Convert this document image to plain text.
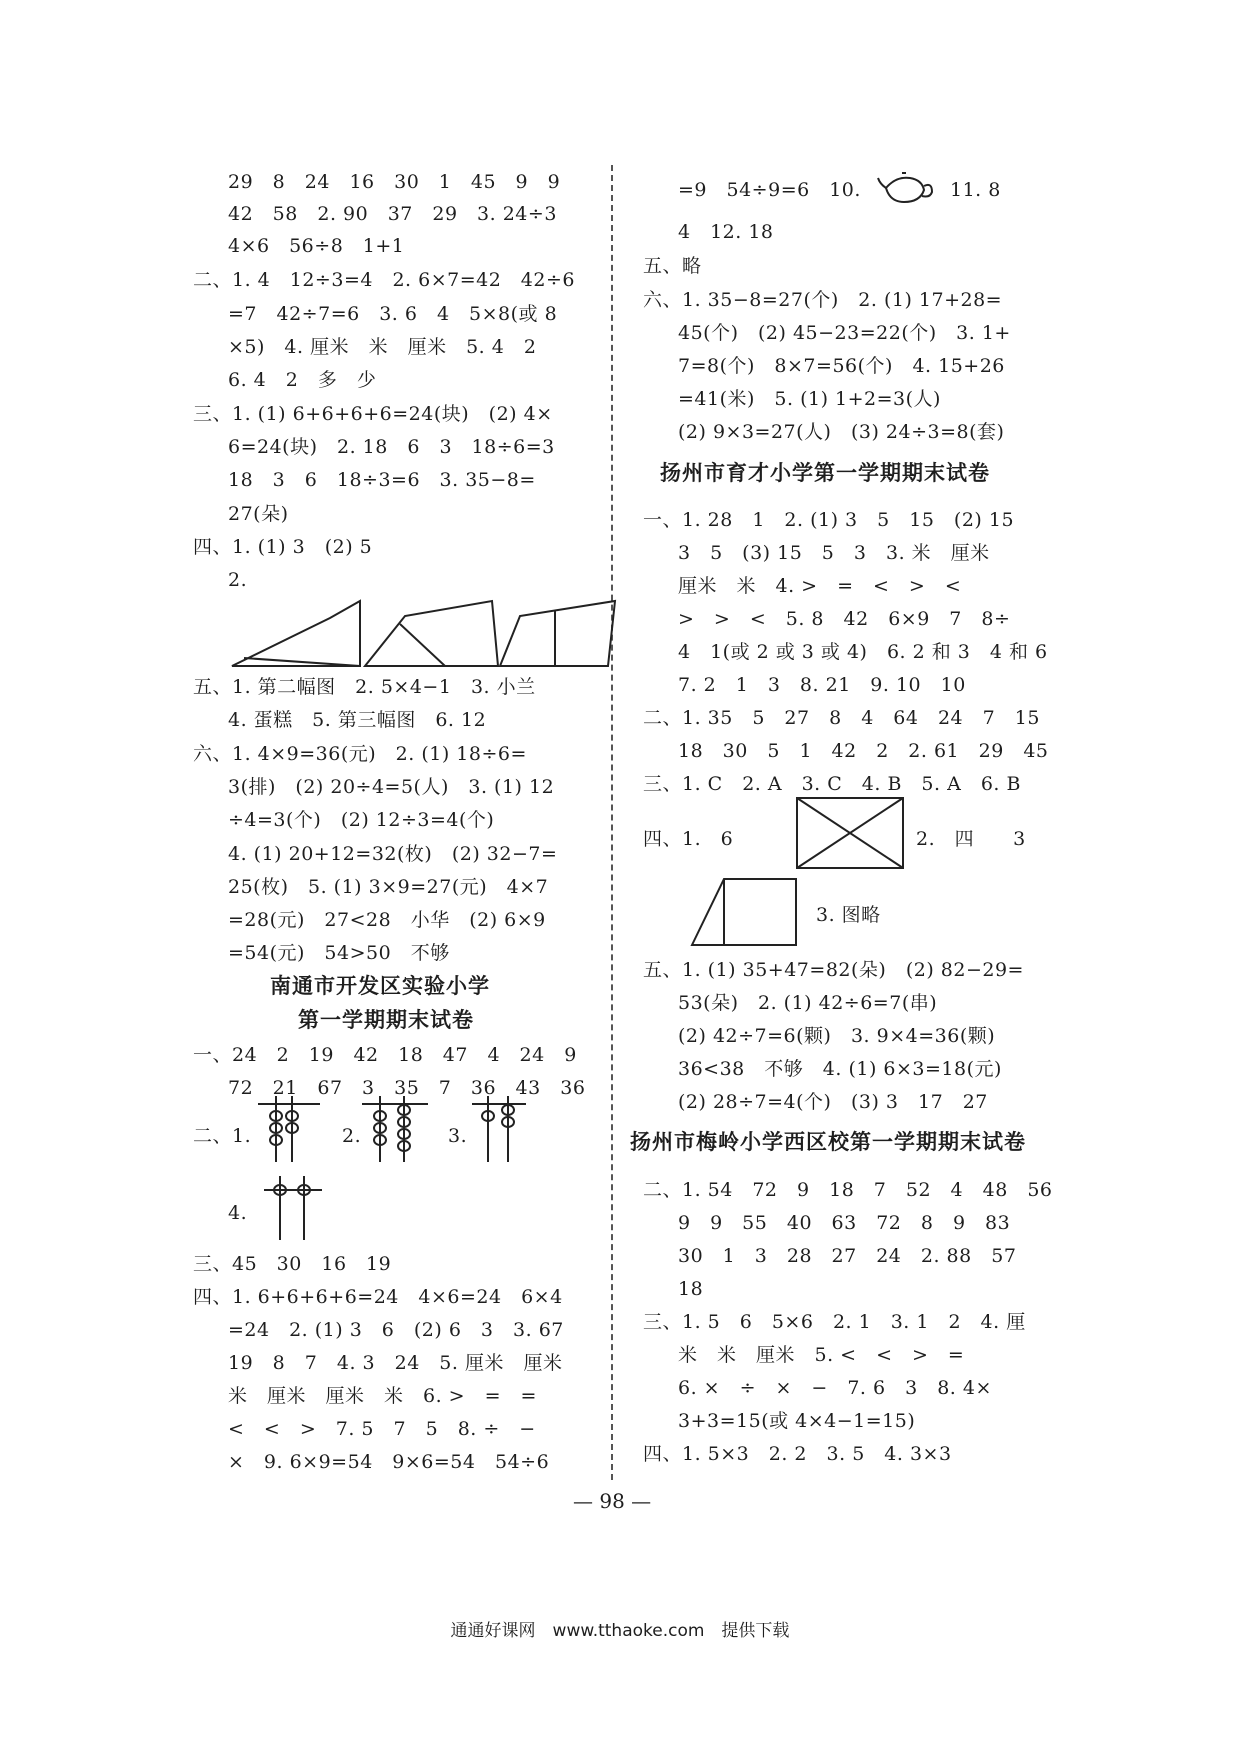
29　8　24　16　30　1　45　9　9
42　58　2. 90　37　29　3. 24÷3
4×6　56÷8　1+1
二、1. 4　12÷3=4　2. 6×7=42　42÷6
=7　42÷7=6　3. 6　4　5×8(或 8
×5)　4. 厘米　米　厘米　5. 4　2
6. 4　2　多　少
三、1. (1) 6+6+6+6=24(块)　(2) 4×
6=24(块)　2. 18　6　3　18÷6=3
18　3　6　18÷3=6　3. 35−8=
27(朵)
四、1. (1) 3　(2) 5
2.
五、1. 第二幅图　2. 5×4−1　3. 小兰
4. 蛋糕　5. 第三幅图　6. 12
六、1. 4×9=36(元)　2. (1) 18÷6=
3(排)　(2) 20÷4=5(人)　3. (1) 12
÷4=3(个)　(2) 12÷3=4(个)
4. (1) 20+12=32(枚)　(2) 32−7=
25(枚)　5. (1) 3×9=27(元)　4×7
=28(元)　27<28　小华　(2) 6×9
=54(元)　54>50　不够
南通市开发区实验小学
第一学期期末试卷
一、24　2　19　42　18　47　4　24　9
72　21　67　3　35　7　36　43　36
二、1.	2.	3.
4.
三、45　30　16　19
四、1. 6+6+6+6=24　4×6=24　6×4
=24　2. (1) 3　6　(2) 6　3　3. 67
19　8　7　4. 3　24　5. 厘米　厘米
米　厘米　厘米　米　6. >　=　=
<　<　>　7. 5　7　5　8. ÷　−
×　9. 6×9=54　9×6=54　54÷6
=9　54÷9=6　10.	11. 8
4　12. 18
五、略
六、1. 35−8=27(个)　2. (1) 17+28=
45(个)　(2) 45−23=22(个)　3. 1+
7=8(个)　8×7=56(个)　4. 15+26
=41(米)　5. (1) 1+2=3(人)
(2) 9×3=27(人)　(3) 24÷3=8(套)
扬州市育才小学第一学期期末试卷
一、1. 28　1　2. (1) 3　5　15　(2) 15
3　5　(3) 15　5　3　3. 米　厘米
厘米　米　4. >　=　<　>　<
>　>　<　5. 8　42　6×9　7　8÷
4　1(或 2 或 3 或 4)　6. 2 和 3　4 和 6
7. 2　1　3　8. 21　9. 10　10
二、1. 35　5　27　8　4　64　24　7　15
18　30　5　1　42　2　2. 61　29　45
三、1. C　2. A　3. C　4. B　5. A　6. B
四、1.　6	2.　四　　3
3. 图略
五、1. (1) 35+47=82(朵)　(2) 82−29=
53(朵)　2. (1) 42÷6=7(串)
(2) 42÷7=6(颗)　3. 9×4=36(颗)
36<38　不够　4. (1) 6×3=18(元)
(2) 28÷7=4(个)　(3) 3　17　27
扬州市梅岭小学西区校第一学期期末试卷
二、1. 54　72　9　18　7　52　4　48　56
9　9　55　40　63　72　8　9　83
30　1　3　28　27　24　2. 88　57
18
三、1. 5　6　5×6　2. 1　3. 1　2　4. 厘
米　米　厘米　5. <　<　>　=
6. ×　÷　×　−　7. 6　3　8. 4×
3+3=15(或 4×4−1=15)
四、1. 5×3　2. 2　3. 5　4. 3×3
— 98 —
通通好课网　www.tthaoke.com　提供下载
